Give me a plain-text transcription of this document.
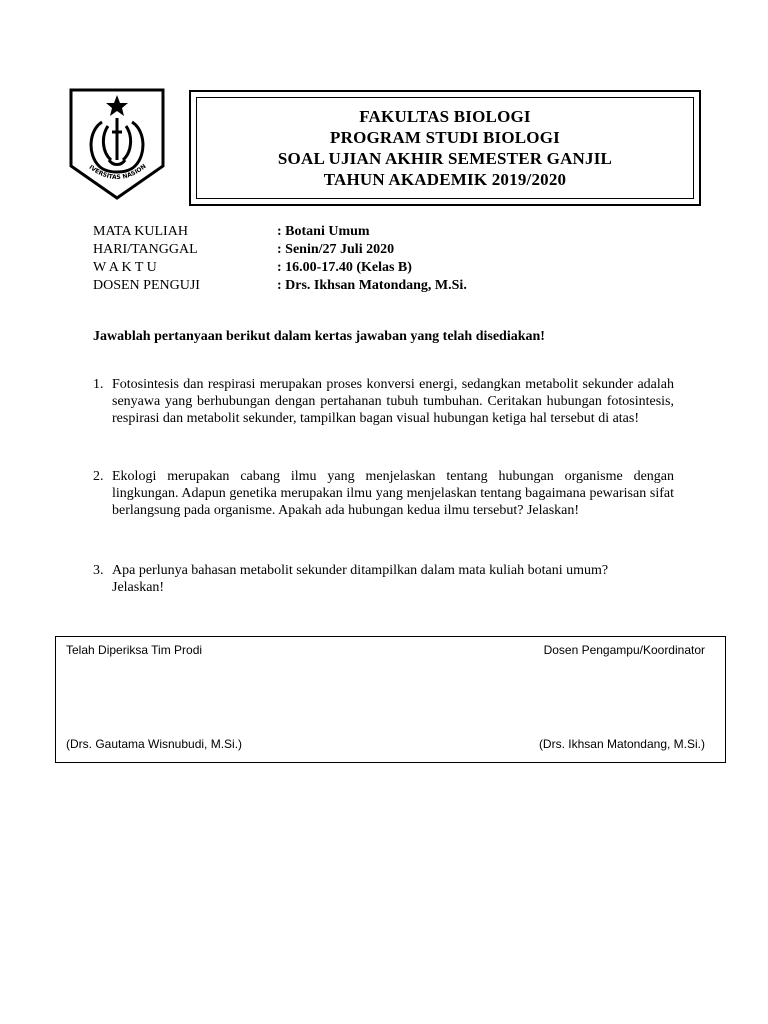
IVERSITAS NASION
FAKULTAS BIOLOGI
PROGRAM STUDI BIOLOGI
SOAL UJIAN AKHIR SEMESTER GANJIL
TAHUN AKADEMIK 2019/2020
MATA KULIAH	: Botani Umum
HARI/TANGGAL	: Senin/27 Juli 2020
W A K T U	: 16.00-17.40 (Kelas B)
DOSEN PENGUJI	: Drs. Ikhsan Matondang, M.Si.
Jawablah pertanyaan berikut dalam kertas jawaban yang telah disediakan!
1. Fotosintesis dan respirasi merupakan proses konversi energi, sedangkan metabolit sekunder adalah senyawa yang berhubungan dengan pertahanan tubuh tumbuhan. Ceritakan hubungan fotosintesis, respirasi dan metabolit sekunder, tampilkan bagan visual hubungan ketiga hal tersebut di atas!

2. Ekologi merupakan cabang ilmu yang menjelaskan tentang hubungan organisme dengan lingkungan. Adapun genetika merupakan ilmu yang menjelaskan tentang bagaimana pewarisan sifat berlangsung pada organisme. Apakah ada hubungan kedua ilmu tersebut? Jelaskan!

3. Apa perlunya bahasan metabolit sekunder ditampilkan dalam mata kuliah botani umum?

Jelaskan!

Telah Diperiksa Tim Prodi	Dosen Pengampu/Koordinator
(Drs. Gautama Wisnubudi, M.Si.)	(Drs. Ikhsan Matondang, M.Si.)
